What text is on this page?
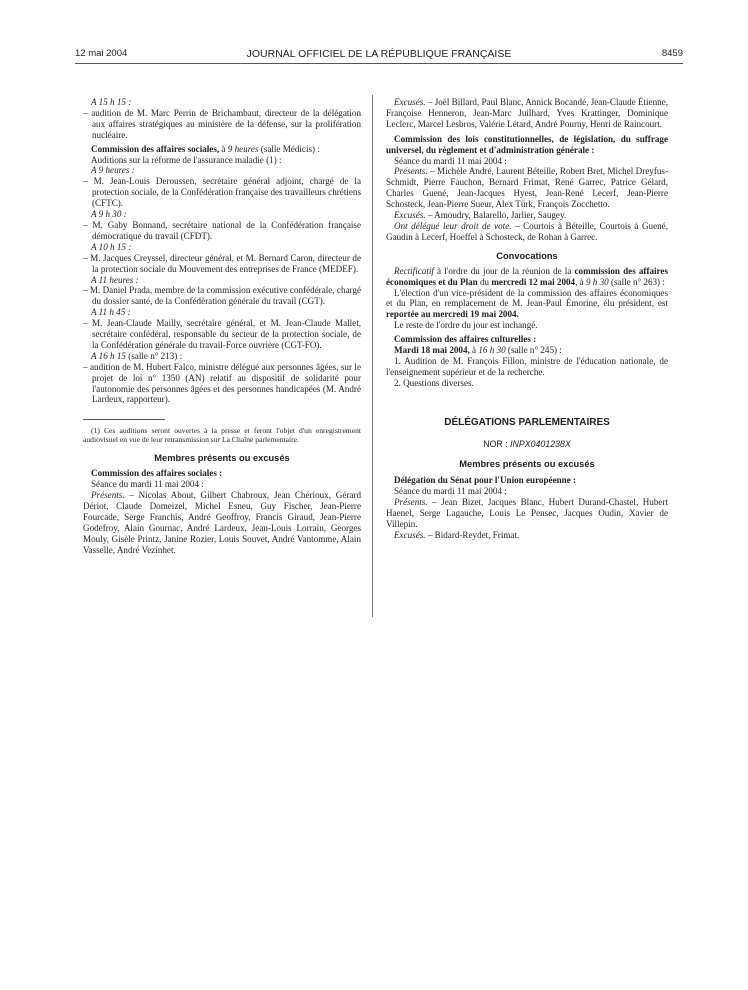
12 mai 2004	JOURNAL OFFICIEL DE LA RÉPUBLIQUE FRANÇAISE	8459

A 15 h 15 :

– audition de M. Marc Perrin de Brichambaut, directeur de la délégation aux affaires stratégiques au ministère de la défense, sur la prolifération nucléaire.

Commission des affaires sociales, à 9 heures (salle Médicis) :

Auditions sur la réforme de l'assurance maladie (1) :

A 9 heures :

– M. Jean-Louis Deroussen, secrétaire général adjoint, chargé de la protection sociale, de la Confédération française des travailleurs chrétiens (CFTC).

A 9 h 30 :

– M. Gaby Bonnand, secrétaire national de la Confédération française démocratique du travail (CFDT).

A 10 h 15 :

– M. Jacques Creyssel, directeur général, et M. Bernard Caron, directeur de la protection sociale du Mouvement des entreprises de France (MEDEF).

A 11 heures :

– M. Daniel Prada, membre de la commission exécutive confédérale, chargé du dossier santé, de la Confédération générale du travail (CGT).

A 11 h 45 :

– M. Jean-Claude Mailly, secrétaire général, et M. Jean-Claude Mallet, secrétaire confédéral, responsable du secteur de la protection sociale, de la Confédération générale du travail-Force ouvrière (CGT-FO).

A 16 h 15 (salle n° 213) :

– audition de M. Hubert Falco, ministre délégué aux personnes âgées, sur le projet de loi n° 1350 (AN) relatif au dispositif de solidarité pour l'autonomie des personnes âgées et des personnes handicapées (M. André Lardeux, rapporteur).

(1) Ces auditions seront ouvertes à la presse et feront l'objet d'un enregistrement audiovisuel en vue de leur retransmission sur La Chaîne parlementaire.

Membres présents ou excusés

Commission des affaires sociales :

Séance du mardi 11 mai 2004 :

Présents. – Nicolas About, Gilbert Chabroux, Jean Chérioux, Gérard Dériot, Claude Domeizel, Michel Esneu, Guy Fischer, Jean-Pierre Fourcade, Serge Franchis, André Geoffroy, Francis Giraud, Jean-Pierre Godefroy, Alain Gournac, André Lardeux, Jean-Louis Lorrain, Georges Mouly, Gisèle Printz, Janine Rozier, Louis Souvet, André Vantomme, Alain Vasselle, André Vezinhet.

Excusés. – Joël Billard, Paul Blanc, Annick Bocandé, Jean-Claude Étienne, Françoise Henneron, Jean-Marc Juilhard, Yves Krattinger, Dominique Leclerc, Marcel Lesbros, Valérie Létard, André Pourny, Henri de Raincourt.

Commission des lois constitutionnelles, de législation, du suffrage universel, du règlement et d'administration générale :

Séance du mardi 11 mai 2004 :

Présents. – Michèle André, Laurent Béteille, Robert Bret, Michel Dreyfus-Schmidt, Pierre Fauchon, Bernard Frimat, René Garrec, Patrice Gélard, Charles Guené, Jean-Jacques Hyest, Jean-René Lecerf, Jean-Pierre Schosteck, Jean-Pierre Sueur, Alex Türk, François Zocchetto.

Excusés. – Amoudry, Balarello, Jarlier, Saugey.

Ont délégué leur droit de vote. – Courtois à Béteille, Courtois à Guené, Gaudin à Lecerf, Hoeffel à Schosteck, de Rohan à Garrec.

Convocations

Rectificatif à l'ordre du jour de la réunion de la commission des affaires économiques et du Plan du mercredi 12 mai 2004, à 9 h 30 (salle n° 263) :

L'élection d'un vice-président de la commission des affaires économiques et du Plan, en remplacement de M. Jean-Paul Émorine, élu président, est reportée au mercredi 19 mai 2004.

Le reste de l'ordre du jour est inchangé.

Commission des affaires culturelles :

Mardi 18 mai 2004, à 16 h 30 (salle n° 245) :

1. Audition de M. François Fillon, ministre de l'éducation nationale, de l'enseignement supérieur et de la recherche.

2. Questions diverses.

DÉLÉGATIONS PARLEMENTAIRES

NOR : INPX0401238X

Membres présents ou excusés

Délégation du Sénat pour l'Union européenne :

Séance du mardi 11 mai 2004 :

Présents. – Jean Bizet, Jacques Blanc, Hubert Durand-Chastel, Hubert Haenel, Serge Lagauche, Louis Le Pensec, Jacques Oudin, Xavier de Villepin.

Excusés. – Bidard-Reydet, Frimat.
